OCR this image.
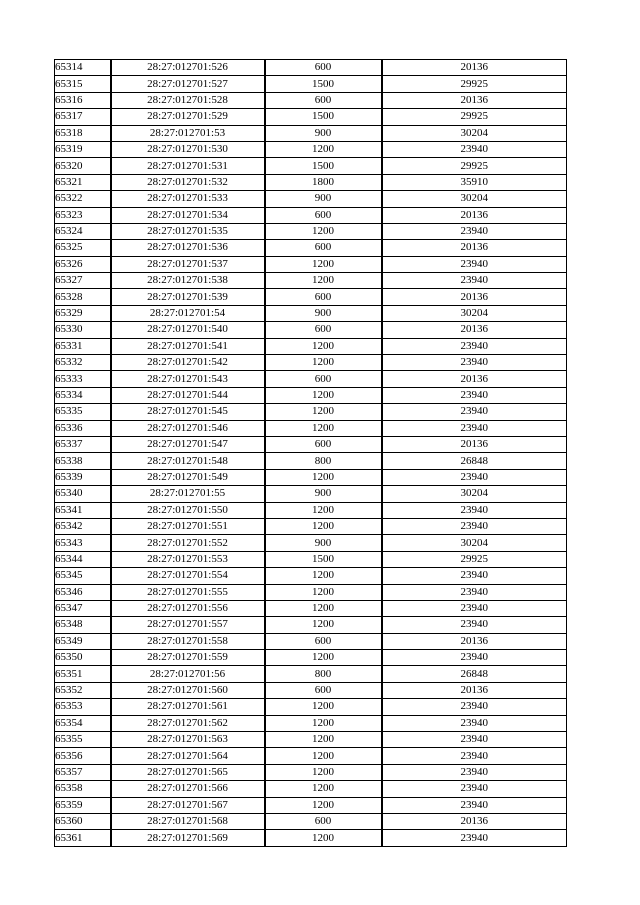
65314	28:27:012701:526	600	20136
65315	28:27:012701:527	1500	29925
65316	28:27:012701:528	600	20136
65317	28:27:012701:529	1500	29925
65318	28:27:012701:53	900	30204
65319	28:27:012701:530	1200	23940
65320	28:27:012701:531	1500	29925
65321	28:27:012701:532	1800	35910
65322	28:27:012701:533	900	30204
65323	28:27:012701:534	600	20136
65324	28:27:012701:535	1200	23940
65325	28:27:012701:536	600	20136
65326	28:27:012701:537	1200	23940
65327	28:27:012701:538	1200	23940
65328	28:27:012701:539	600	20136
65329	28:27:012701:54	900	30204
65330	28:27:012701:540	600	20136
65331	28:27:012701:541	1200	23940
65332	28:27:012701:542	1200	23940
65333	28:27:012701:543	600	20136
65334	28:27:012701:544	1200	23940
65335	28:27:012701:545	1200	23940
65336	28:27:012701:546	1200	23940
65337	28:27:012701:547	600	20136
65338	28:27:012701:548	800	26848
65339	28:27:012701:549	1200	23940
65340	28:27:012701:55	900	30204
65341	28:27:012701:550	1200	23940
65342	28:27:012701:551	1200	23940
65343	28:27:012701:552	900	30204
65344	28:27:012701:553	1500	29925
65345	28:27:012701:554	1200	23940
65346	28:27:012701:555	1200	23940
65347	28:27:012701:556	1200	23940
65348	28:27:012701:557	1200	23940
65349	28:27:012701:558	600	20136
65350	28:27:012701:559	1200	23940
65351	28:27:012701:56	800	26848
65352	28:27:012701:560	600	20136
65353	28:27:012701:561	1200	23940
65354	28:27:012701:562	1200	23940
65355	28:27:012701:563	1200	23940
65356	28:27:012701:564	1200	23940
65357	28:27:012701:565	1200	23940
65358	28:27:012701:566	1200	23940
65359	28:27:012701:567	1200	23940
65360	28:27:012701:568	600	20136
65361	28:27:012701:569	1200	23940
